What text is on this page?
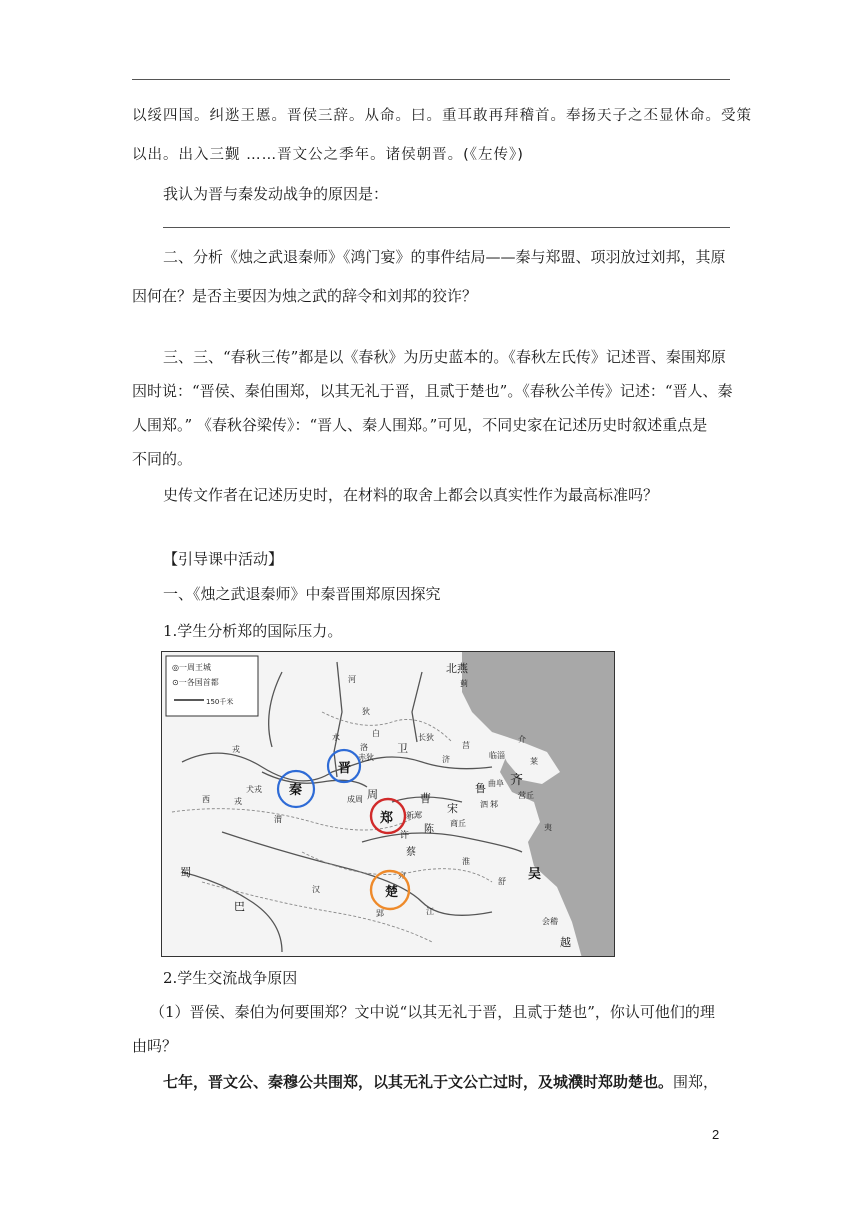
以绥四国。纠逖王慝。晋侯三辞。从命。曰。重耳敢再拜稽首。奉扬天子之丕显休命。受策
以出。出入三觐 ……晋文公之季年。诸侯朝晋。(《左传》)
我认为晋与秦发动战争的原因是：
二、分析《烛之武退秦师》《鸿门宴》的事件结局——秦与郑盟、项羽放过刘邦，其原
因何在？是否主要因为烛之武的辞令和刘邦的狡诈？
三、三、“春秋三传”都是以《春秋》为历史蓝本的。《春秋左氏传》记述晋、秦围郑原
因时说：“晋侯、秦伯围郑，以其无礼于晋，且贰于楚也”。《春秋公羊传》记述：“晋人、秦
人围郑。” 《春秋谷梁传》：“晋人、秦人围郑。”可见，不同史家在记述历史时叙述重点是
不同的。
史传文作者在记述历史时，在材料的取舍上都会以真实性作为最高标准吗？
【引导课中活动】
一、《烛之武退秦师》中秦晋围郑原因探究
1.学生分析郑的国际压力。
◎一周王城
⊙一各国首都
150千米
北燕
秦
晋
郑
楚
齐
鲁
宋
卫
曹
陈
蔡
吴
越
蜀
巴
周
许
河
水
洛
渭
淮
江
汉
济
泗
戎
狄
白
赤狄
犬戎
西	戎
蓟
邾
营丘
曲阜
商丘
新郑
成周
宛
郢
舒
会稽
临淄
莒
长狄
莱
夷
介
2.学生交流战争原因
（1）晋侯、秦伯为何要围郑？文中说“以其无礼于晋，且贰于楚也”，你认可他们的理
由吗？
七年，晋文公、秦穆公共围郑，以其无礼于文公亡过时，及城濮时郑助楚也。围郑，
2
